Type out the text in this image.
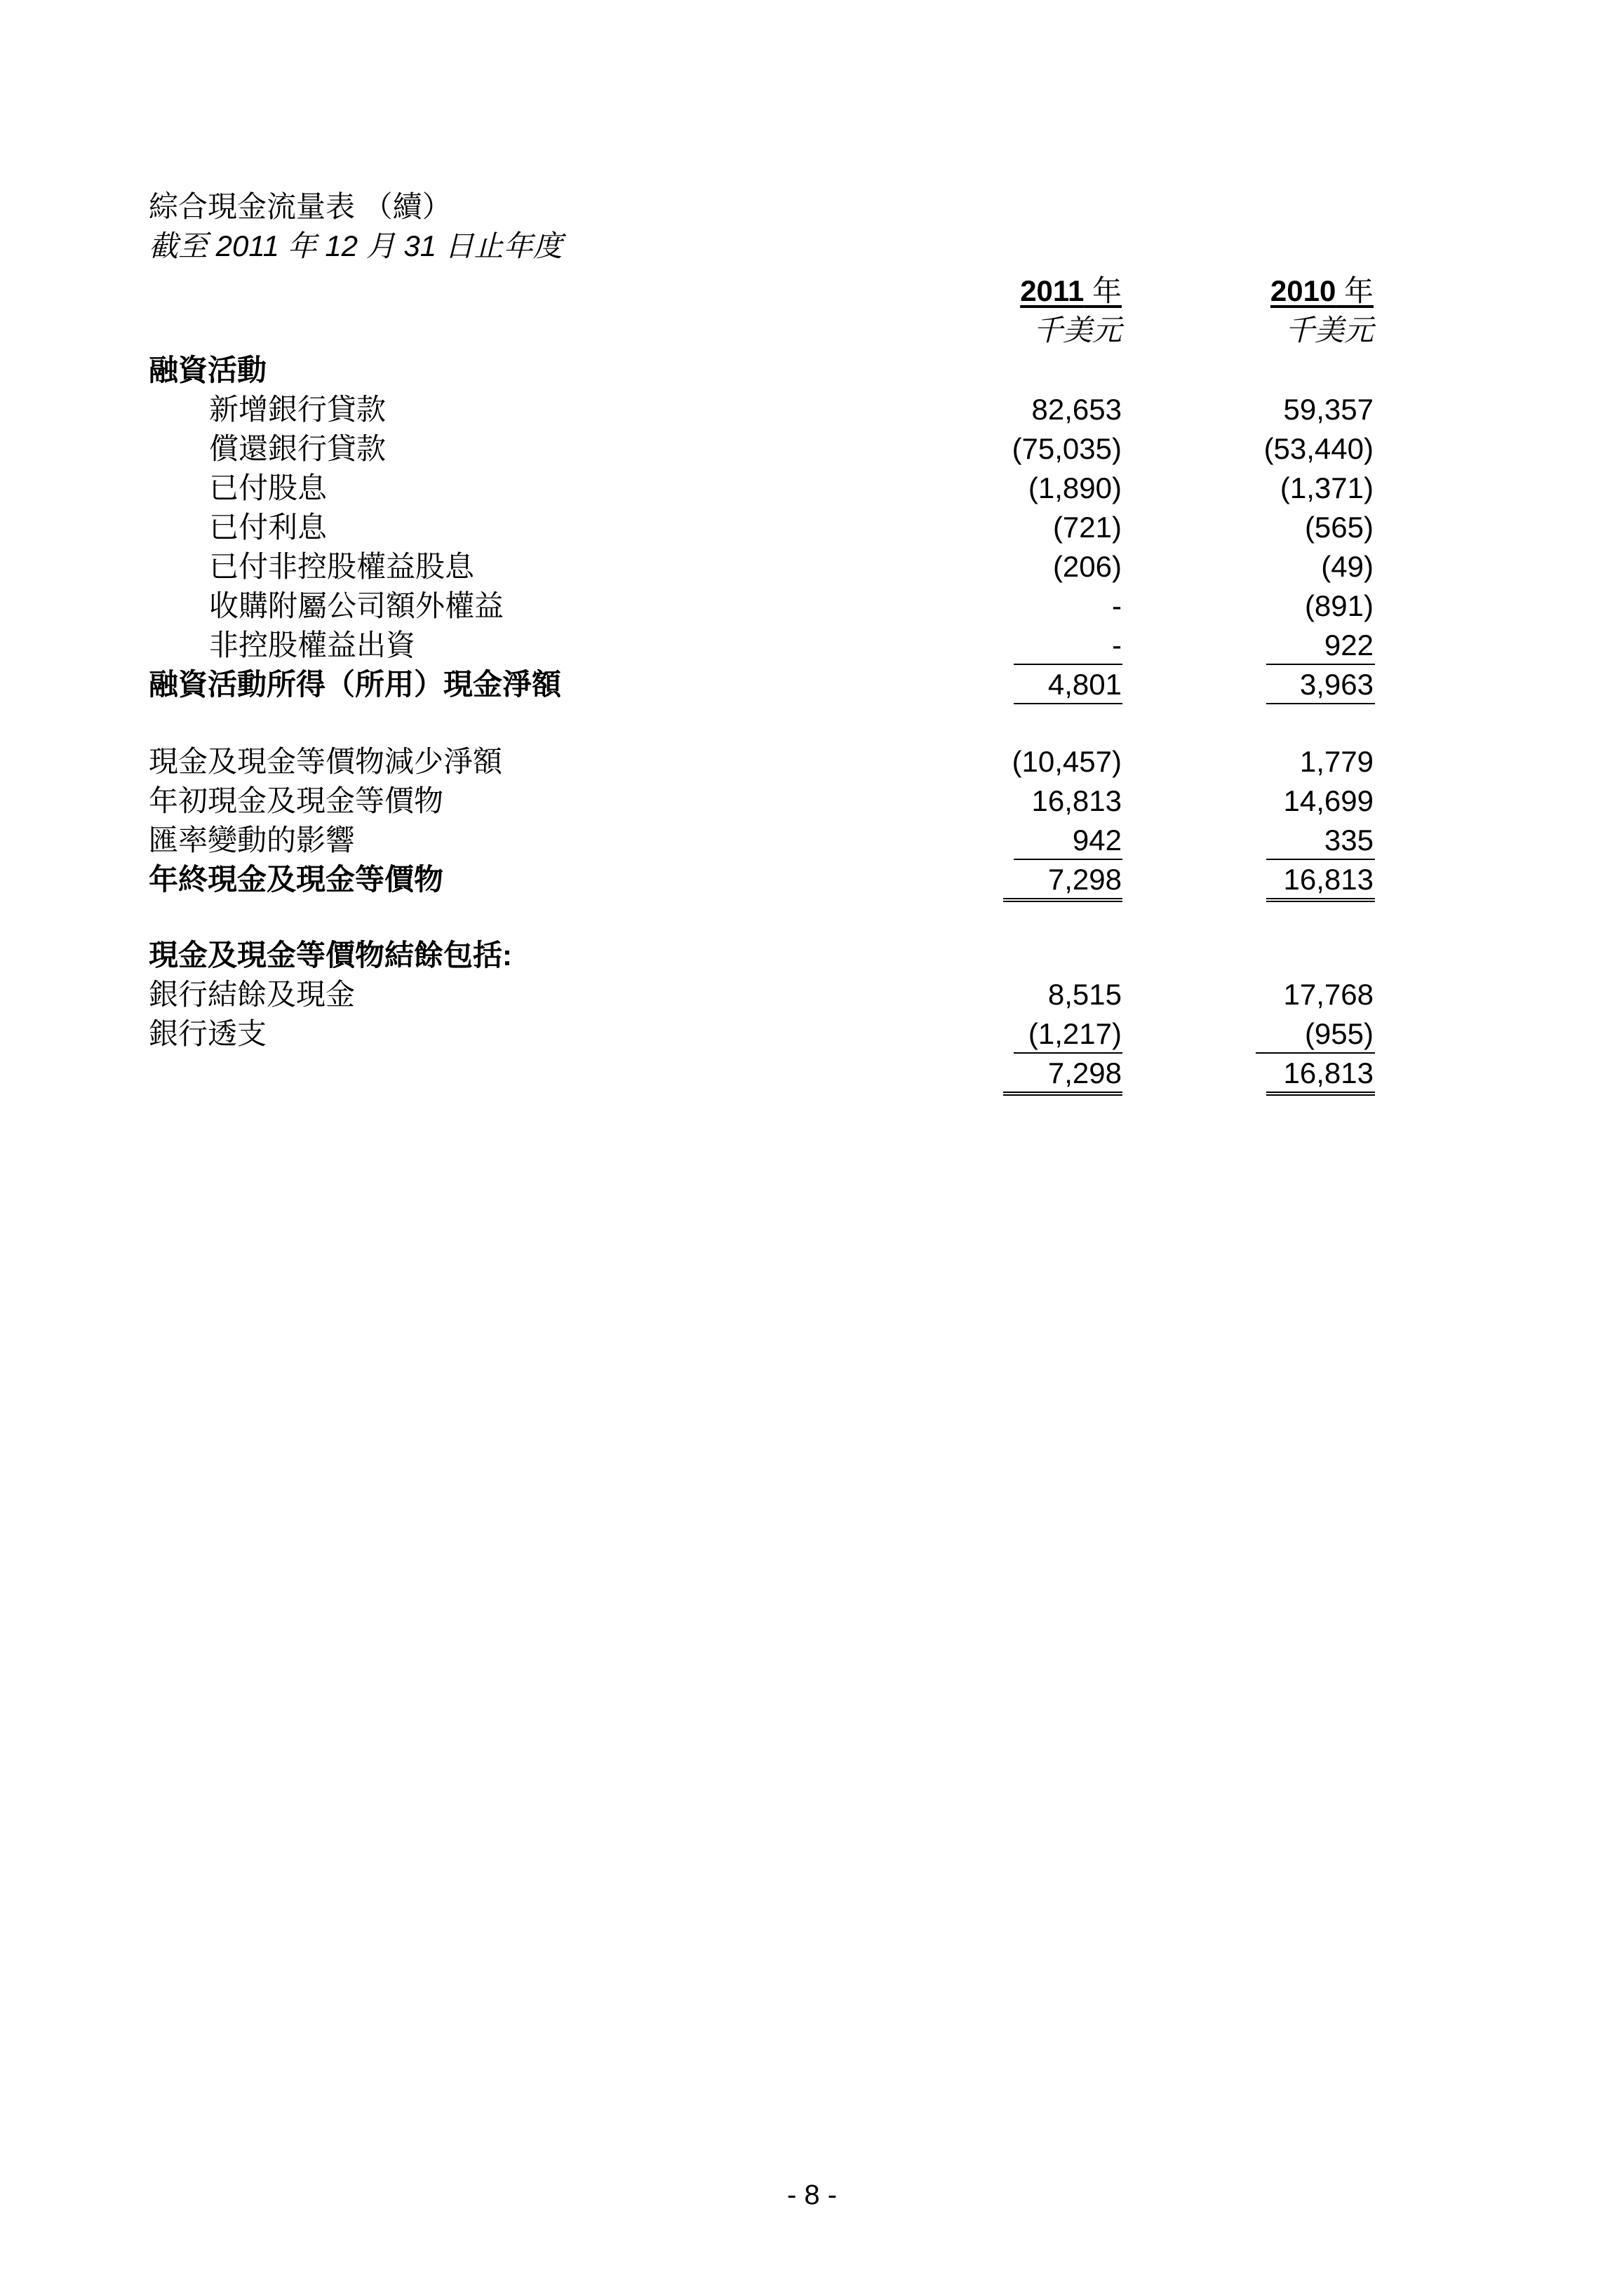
綜合現金流量表 （續）
截至 2011 年 12 月 31 日止年度
2011 年	2010 年
千美元	千美元
融資活動
新增銀行貸款	82,653	59,357
償還銀行貸款	(75,035)	(53,440)
已付股息	(1,890)	(1,371)
已付利息	(721)	(565)
已付非控股權益股息	(206)	(49)
收購附屬公司額外權益	-	(891)
非控股權益出資	-	922
融資活動所得（所用）現金淨額	4,801	3,963
現金及現金等價物減少淨額	(10,457)	1,779
年初現金及現金等價物	16,813	14,699
匯率變動的影響	942	335
年終現金及現金等價物	7,298	16,813
現金及現金等價物結餘包括:
銀行結餘及現金	8,515	17,768
銀行透支	(1,217)	(955)
7,298	16,813
- 8 -
